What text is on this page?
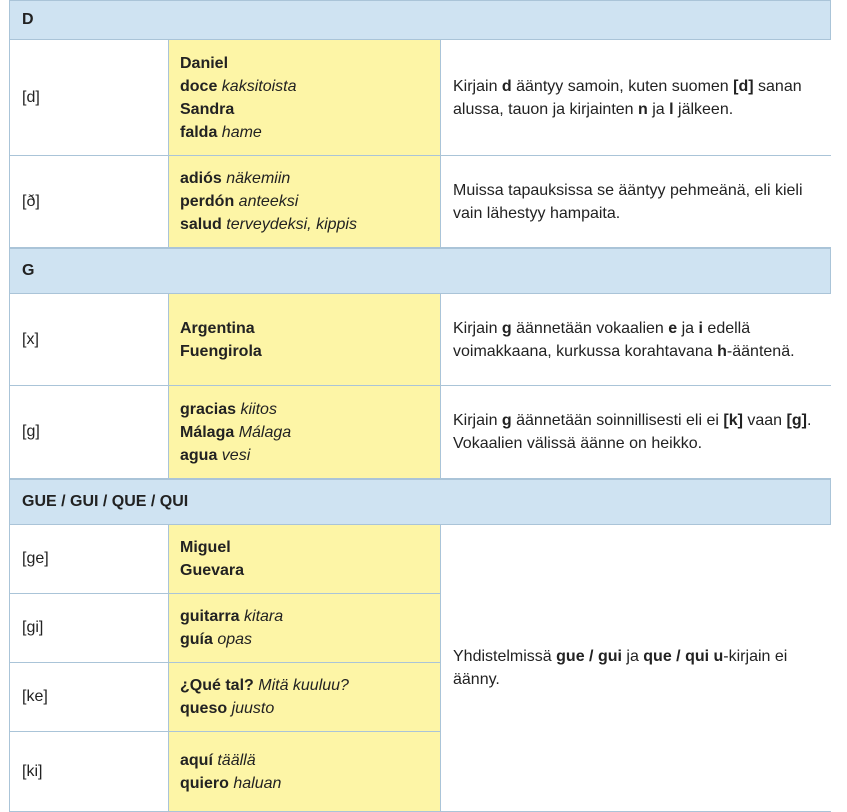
D
[d]
Daniel
doce kaksitoista
Sandra
falda hame
Kirjain d ääntyy samoin, kuten suomen [d] sanan alussa, tauon ja kirjainten n ja l jälkeen.
[ð]
adiós näkemiin
perdón anteeksi
salud terveydeksi, kippis
Muissa tapauksissa se ääntyy pehmeänä, eli kieli vain lähestyy hampaita.
G
[x]
Argentina
Fuengirola
Kirjain g äännetään vokaalien e ja i edellä voimakkaana, kurkussa korahtavana h-ääntenä.
[g]
gracias kiitos
Málaga Málaga
agua vesi
Kirjain g äännetään soinnillisesti eli ei [k] vaan [g]. Vokaalien välissä äänne on heikko.
GUE / GUI / QUE / QUI
[ge]
Miguel
Guevara
[gi]
guitarra kitara
guía opas
[ke]
¿Qué tal? Mitä kuuluu?
queso juusto
[ki]
aquí täällä
quiero haluan
Yhdistelmissä gue / gui ja que / qui u-kirjain ei äänny.
